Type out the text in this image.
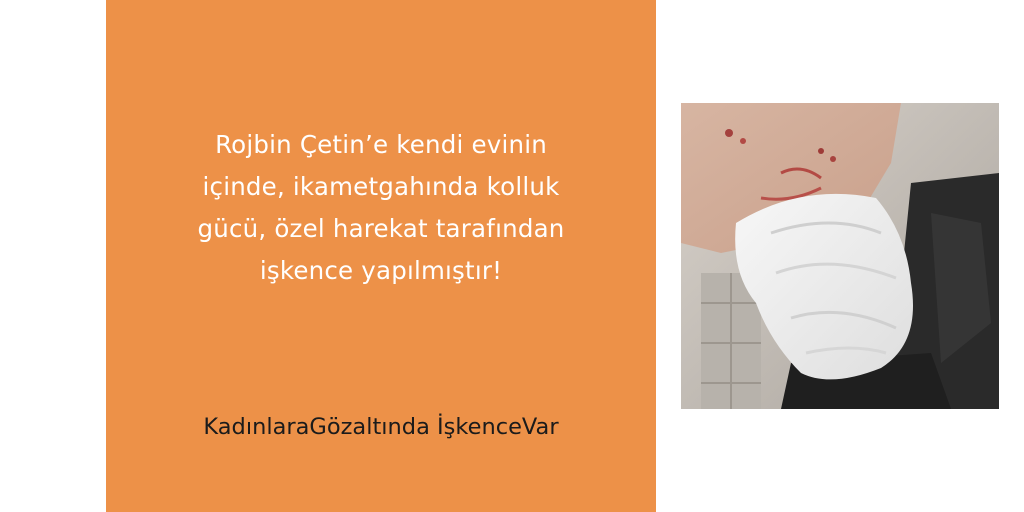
Rojbin Çetin’e kendi evinin
içinde, ikametgahında kolluk
gücü, özel harekat tarafından
işkence yapılmıştır!

KadınlaraGözaltında İşkenceVar
